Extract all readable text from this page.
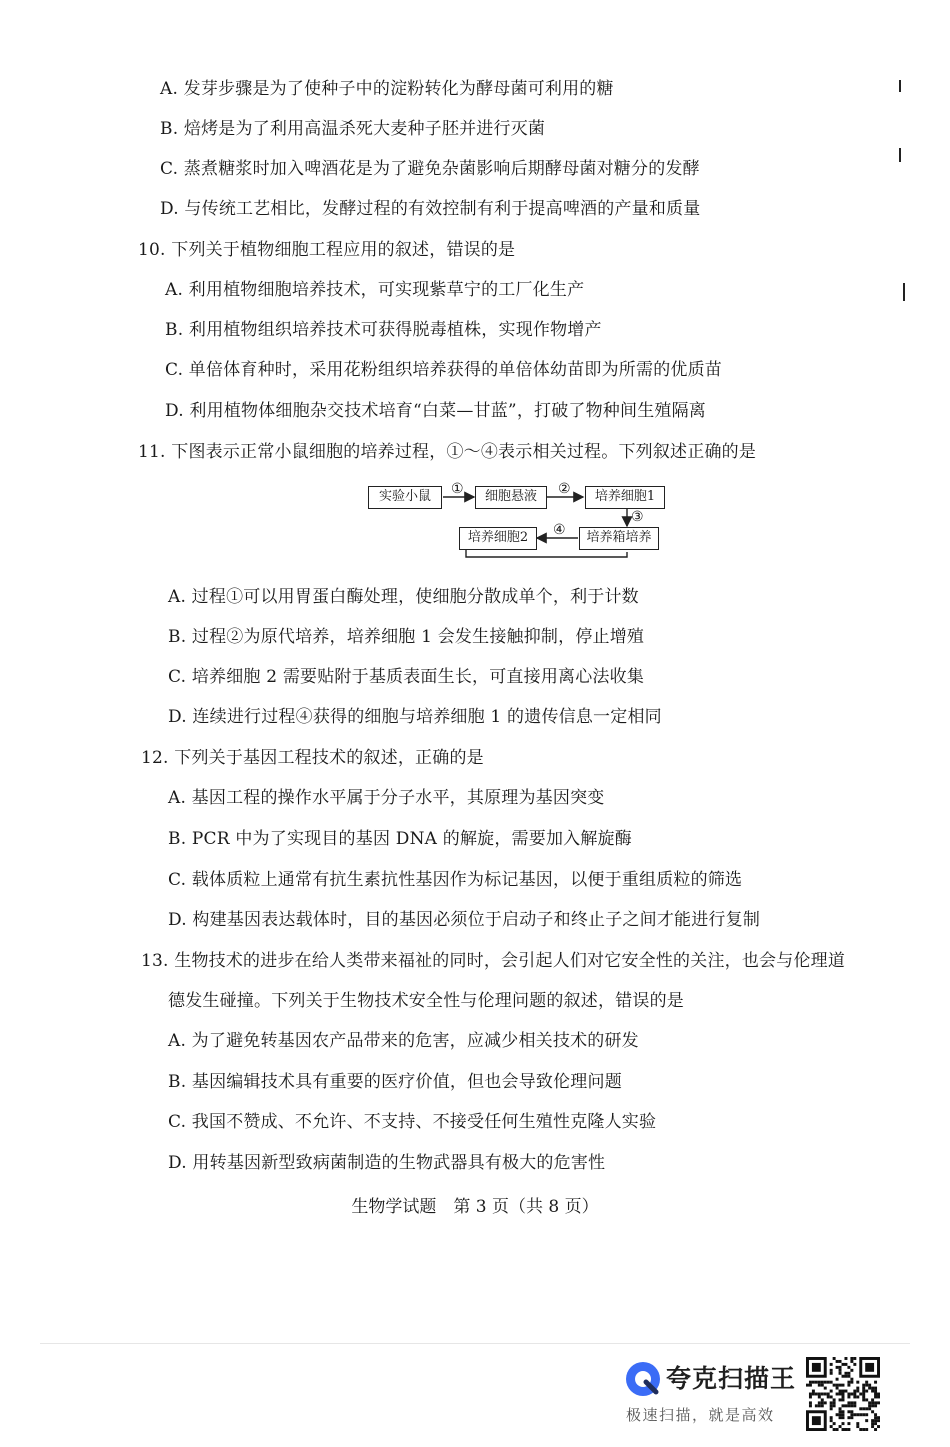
A. 发芽步骤是为了使种子中的淀粉转化为酵母菌可利用的糖
B. 焙烤是为了利用高温杀死大麦种子胚并进行灭菌
C. 蒸煮糖浆时加入啤酒花是为了避免杂菌影响后期酵母菌对糖分的发酵
D. 与传统工艺相比，发酵过程的有效控制有利于提高啤酒的产量和质量
10. 下列关于植物细胞工程应用的叙述，错误的是
A. 利用植物细胞培养技术，可实现紫草宁的工厂化生产
B. 利用植物组织培养技术可获得脱毒植株，实现作物增产
C. 单倍体育种时，采用花粉组织培养获得的单倍体幼苗即为所需的优质苗
D. 利用植物体细胞杂交技术培育“白菜—甘蓝”，打破了物种间生殖隔离
11. 下图表示正常小鼠细胞的培养过程，①～④表示相关过程。下列叙述正确的是
实验小鼠	细胞悬液	培养细胞1
培养箱培养
培养细胞2
①	②
③
④
A. 过程①可以用胃蛋白酶处理，使细胞分散成单个，利于计数
B. 过程②为原代培养，培养细胞 1 会发生接触抑制，停止增殖
C. 培养细胞 2 需要贴附于基质表面生长，可直接用离心法收集
D. 连续进行过程④获得的细胞与培养细胞 1 的遗传信息一定相同
12. 下列关于基因工程技术的叙述，正确的是
A. 基因工程的操作水平属于分子水平，其原理为基因突变
B. PCR 中为了实现目的基因 DNA 的解旋，需要加入解旋酶
C. 载体质粒上通常有抗生素抗性基因作为标记基因，以便于重组质粒的筛选
D. 构建基因表达载体时，目的基因必须位于启动子和终止子之间才能进行复制
13. 生物技术的进步在给人类带来福祉的同时，会引起人们对它安全性的关注，也会与伦理道
德发生碰撞。下列关于生物技术安全性与伦理问题的叙述，错误的是
A. 为了避免转基因农产品带来的危害，应减少相关技术的研发
B. 基因编辑技术具有重要的医疗价值，但也会导致伦理问题
C. 我国不赞成、不允许、不支持、不接受任何生殖性克隆人实验
D. 用转基因新型致病菌制造的生物武器具有极大的危害性
生物学试题　第 3 页（共 8 页）
夸克扫描王
极速扫描，就是高效
